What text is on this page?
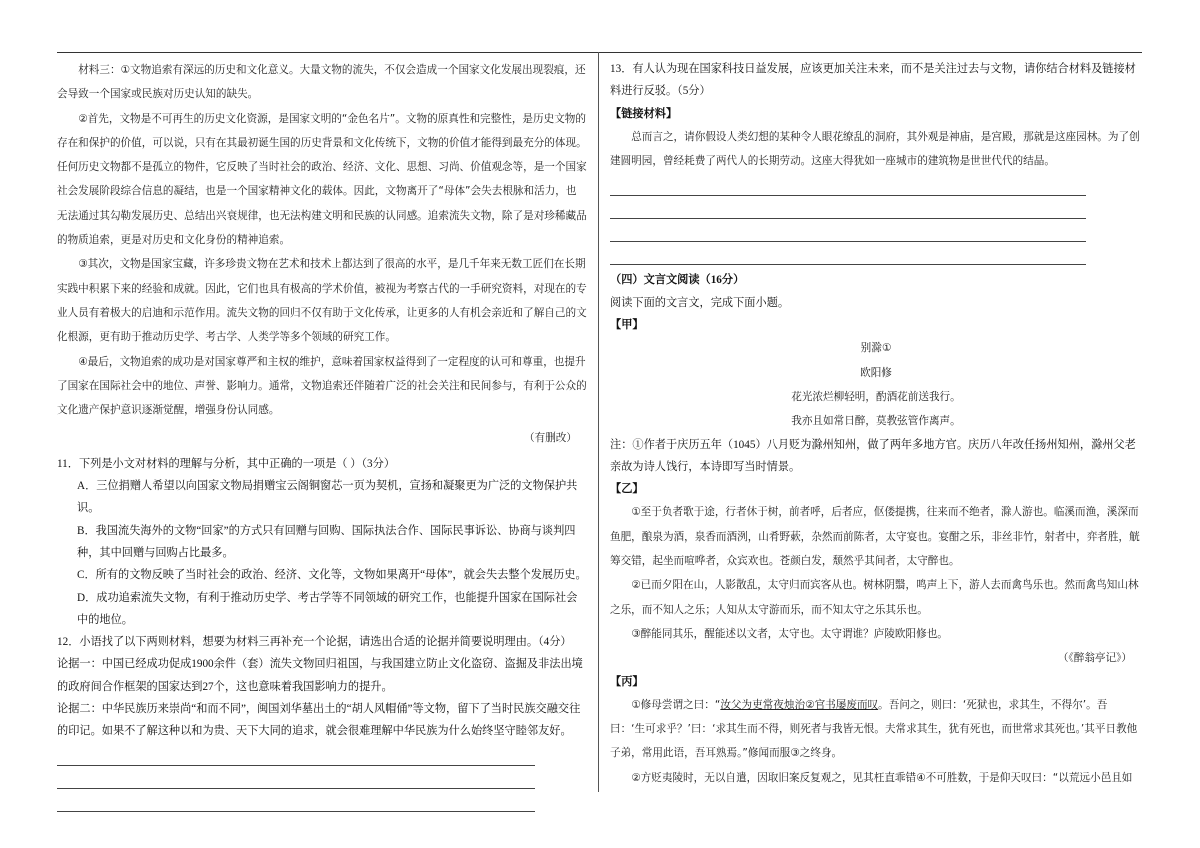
材料三：①文物追索有深远的历史和文化意义。大量文物的流失，不仅会造成一个国家文化发展出现裂痕，还会导致一个国家或民族对历史认知的缺失。

②首先，文物是不可再生的历史文化资源，是国家文明的“金色名片”。文物的原真性和完整性，是历史文物的存在和保护的价值，可以说，只有在其最初诞生国的历史背景和文化传统下，文物的价值才能得到最充分的体现。任何历史文物都不是孤立的物件，它反映了当时社会的政治、经济、文化、思想、习尚、价值观念等，是一个国家社会发展阶段综合信息的凝结，也是一个国家精神文化的载体。因此，文物离开了“母体”会失去根脉和活力，也无法通过其勾勒发展历史、总结出兴衰规律，也无法构建文明和民族的认同感。追索流失文物，除了是对珍稀藏品的物质追索，更是对历史和文化身份的精神追索。

③其次，文物是国家宝藏，许多珍贵文物在艺术和技术上都达到了很高的水平，是几千年来无数工匠们在长期实践中积累下来的经验和成就。因此，它们也具有极高的学术价值，被视为考察古代的一手研究资料，对现在的专业人员有着极大的启迪和示范作用。流失文物的回归不仅有助于文化传承，让更多的人有机会亲近和了解自己的文化根源，更有助于推动历史学、考古学、人类学等多个领域的研究工作。

④最后，文物追索的成功是对国家尊严和主权的维护，意味着国家权益得到了一定程度的认可和尊重，也提升了国家在国际社会中的地位、声誉、影响力。通常，文物追索还伴随着广泛的社会关注和民间参与，有利于公众的文化遗产保护意识逐渐觉醒，增强身份认同感。

（有删改）

11．下列是小文对材料的理解与分析，其中正确的一项是（ ）（3分）

A．三位捐赠人希望以向国家文物局捐赠宝云阁铜窗芯一页为契机，宣扬和凝聚更为广泛的文物保护共识。

B．我国流失海外的文物“回家”的方式只有回赠与回购、国际执法合作、国际民事诉讼、协商与谈判四种，其中回赠与回购占比最多。

C．所有的文物反映了当时社会的政治、经济、文化等，文物如果离开“母体”，就会失去整个发展历史。

D．成功追索流失文物，有利于推动历史学、考古学等不同领域的研究工作，也能提升国家在国际社会中的地位。

12．小语找了以下两则材料，想要为材料三再补充一个论据，请选出合适的论据并简要说明理由。（4分）

论据一：中国已经成功促成1900余件（套）流失文物回归祖国，与我国建立防止文化盗窃、盗掘及非法出境的政府间合作框架的国家达到27个，这也意味着我国影响力的提升。

论据二：中华民族历来崇尚“和而不同”，闽国刘华墓出土的“胡人风帽俑”等文物，留下了当时民族交融交往的印记。如果不了解这种以和为贵、天下大同的追求，就会很难理解中华民族为什么始终坚守睦邻友好。

13．有人认为现在国家科技日益发展，应该更加关注未来，而不是关注过去与文物，请你结合材料及链接材料进行反驳。（5分）

【链接材料】

总而言之，请你假设人类幻想的某种令人眼花缭乱的洞府，其外观是神庙，是宫殿，那就是这座园林。为了创建圆明园，曾经耗费了两代人的长期劳动。这座大得犹如一座城市的建筑物是世世代代的结晶。

（四）文言文阅读（16分）

阅读下面的文言文，完成下面小题。

【甲】

别滁①

欧阳修

花光浓烂柳轻明，酌酒花前送我行。

我亦且如常日醉，莫教弦管作离声。

注：①作者于庆历五年（1045）八月贬为滁州知州，做了两年多地方官。庆历八年改任扬州知州，滁州父老亲故为诗人饯行，本诗即写当时情景。

【乙】

①至于负者歌于途，行者休于树，前者呼，后者应，伛偻提携，往来而不绝者，滁人游也。临溪而渔，溪深而鱼肥，酿泉为酒，泉香而酒洌，山肴野蔌，杂然而前陈者，太守宴也。宴酣之乐，非丝非竹，射者中，弈者胜，觥筹交错，起坐而喧哗者，众宾欢也。苍颜白发，颓然乎其间者，太守醉也。

②已而夕阳在山，人影散乱，太守归而宾客从也。树林阴翳，鸣声上下，游人去而禽鸟乐也。然而禽鸟知山林之乐，而不知人之乐；人知从太守游而乐，而不知太守之乐其乐也。

③醉能同其乐，醒能述以文者，太守也。太守谓谁？庐陵欧阳修也。

（《醉翁亭记》）

【丙】

①修母尝谓之曰：“汝父为吏常夜烛治②官书屡废而叹。吾问之，则曰：‘死狱也，求其生，不得尔’。吾曰：‘生可求乎？’曰：‘求其生而不得，则死者与我皆无恨。夫常求其生，犹有死也，而世常求其死也。’其平日教他子弟，常用此语，吾耳熟焉。”修闻而服③之终身。

②方贬夷陵时，无以自遣，因取旧案反复观之，见其枉直乖错④不可胜数，于是仰天叹曰：“以荒远小邑且如
